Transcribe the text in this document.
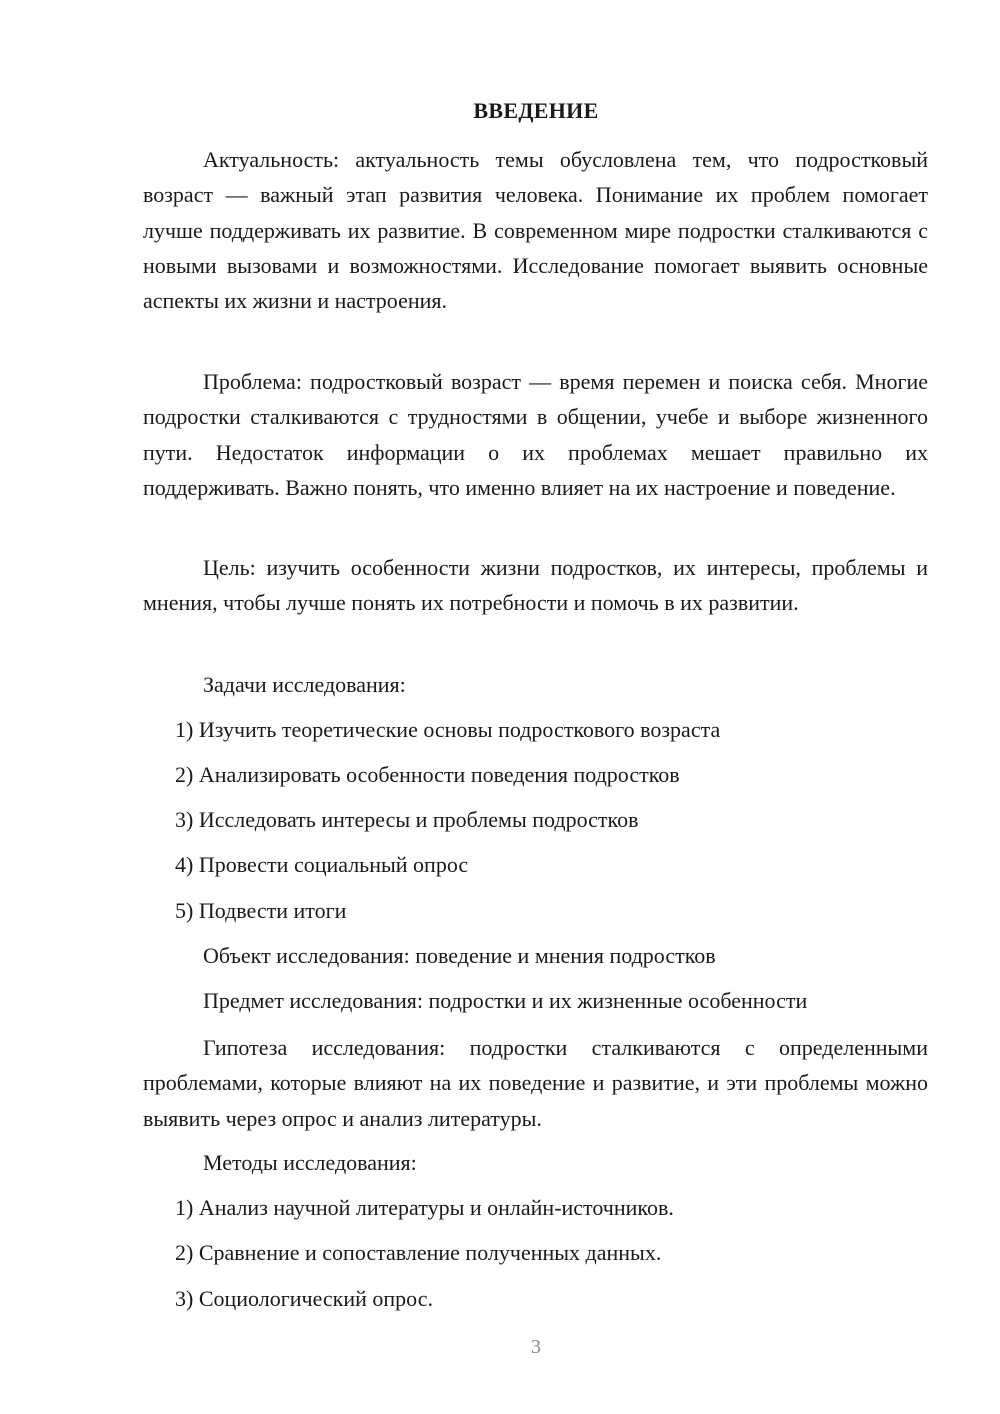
ВВЕДЕНИЕ

Актуальность: актуальность темы обусловлена тем, что подростковый возраст — важный этап развития человека. Понимание их проблем помогает лучше поддерживать их развитие. В современном мире подростки сталкиваются с новыми вызовами и возможностями. Исследование помогает выявить основные аспекты их жизни и настроения.

Проблема: подростковый возраст — время перемен и поиска себя. Многие подростки сталкиваются с трудностями в общении, учебе и выборе жизненного пути. Недостаток информации о их проблемах мешает правильно их поддерживать. Важно понять, что именно влияет на их настроение и поведение.

Цель: изучить особенности жизни подростков, их интересы, проблемы и мнения, чтобы лучше понять их потребности и помочь в их развитии.

Задачи исследования:

1) Изучить теоретические основы подросткового возраста

2) Анализировать особенности поведения подростков

3) Исследовать интересы и проблемы подростков

4) Провести социальный опрос

5) Подвести итоги

Объект исследования: поведение и мнения подростков

Предмет исследования: подростки и их жизненные особенности

Гипотеза исследования: подростки сталкиваются с определенными проблемами, которые влияют на их поведение и развитие, и эти проблемы можно выявить через опрос и анализ литературы.

Методы исследования:

1) Анализ научной литературы и онлайн-источников.

2) Сравнение и сопоставление полученных данных.

3) Социологический опрос.

3
